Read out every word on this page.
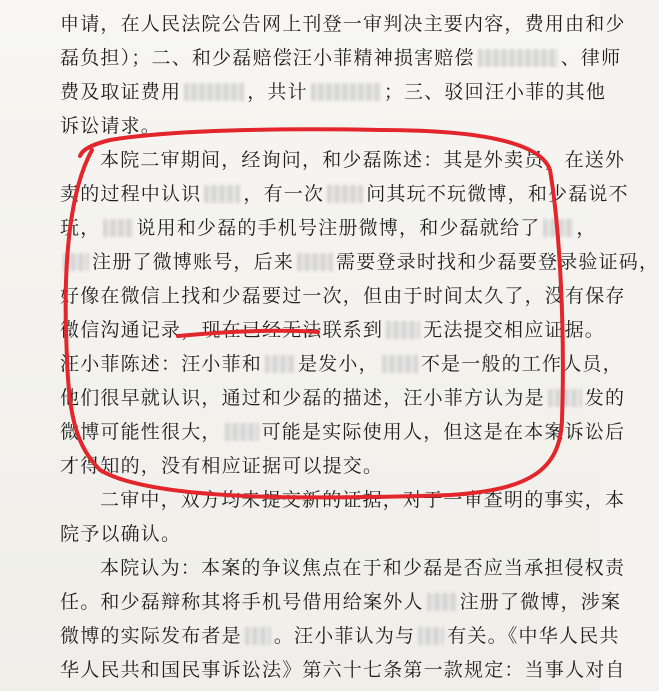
申请，在人民法院公告网上刊登一审判决主要内容，费用由和少
磊负担）；二、和少磊赔偿汪小菲精神损害赔偿	、律师
费及取证费用	，共计	；三、驳回汪小菲的其他
诉讼请求。
本院二审期间，经询问，和少磊陈述：其是外卖员，在送外
卖的过程中认识 ，有一次 问其玩不玩微博，和少磊说不
玩， 说用和少磊的手机号注册微博，和少磊就给了 ，
注册了微博账号，后来 需要登录时找和少磊要登录验证码，
好像在微信上找和少磊要过一次，但由于时间太久了，没有保存
微信沟通记录，现在已经无法联系到 无法提交相应证据。
汪小菲陈述：汪小菲和 是发小， 不是一般的工作人员，
他们很早就认识，通过和少磊的描述，汪小菲方认为是 发的
微博可能性很大， 可能是实际使用人，但这是在本案诉讼后
才得知的，没有相应证据可以提交。
二审中，双方均未提交新的证据，对于一审查明的事实，本
院予以确认。
本院认为：本案的争议焦点在于和少磊是否应当承担侵权责
任。和少磊辩称其将手机号借用给案外人 注册了微博，涉案
微博的实际发布者是 。汪小菲认为与 有关。《中华人民共
华人民共和国民事诉讼法》第六十七条第一款规定：当事人对自
